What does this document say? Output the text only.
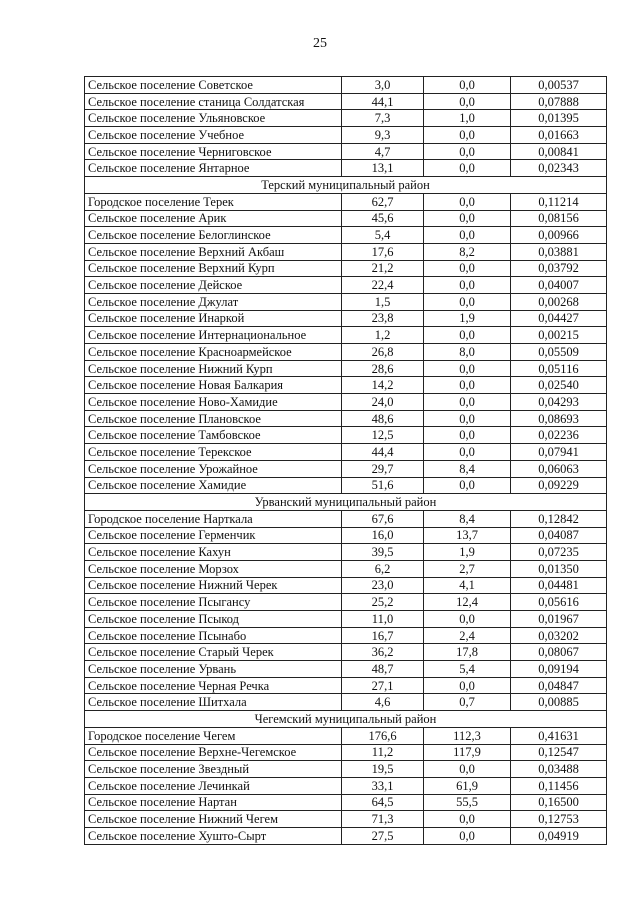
25
Сельское поселение Советское	3,0	0,0	0,00537
Сельское поселение станица Солдатская	44,1	0,0	0,07888
Сельское поселение Ульяновское	7,3	1,0	0,01395
Сельское поселение Учебное	9,3	0,0	0,01663
Сельское поселение Черниговское	4,7	0,0	0,00841
Сельское поселение Янтарное	13,1	0,0	0,02343
Терский муниципальный район			
Городское поселение Терек	62,7	0,0	0,11214
Сельское поселение Арик	45,6	0,0	0,08156
Сельское поселение Белоглинское	5,4	0,0	0,00966
Сельское поселение Верхний Акбаш	17,6	8,2	0,03881
Сельское поселение Верхний Курп	21,2	0,0	0,03792
Сельское поселение Дейское	22,4	0,0	0,04007
Сельское поселение Джулат	1,5	0,0	0,00268
Сельское поселение Инаркой	23,8	1,9	0,04427
Сельское поселение Интернациональное	1,2	0,0	0,00215
Сельское поселение Красноармейское	26,8	8,0	0,05509
Сельское поселение Нижний Курп	28,6	0,0	0,05116
Сельское поселение Новая Балкария	14,2	0,0	0,02540
Сельское поселение Ново-Хамидие	24,0	0,0	0,04293
Сельское поселение Плановское	48,6	0,0	0,08693
Сельское поселение Тамбовское	12,5	0,0	0,02236
Сельское поселение Терекское	44,4	0,0	0,07941
Сельское поселение Урожайное	29,7	8,4	0,06063
Сельское поселение Хамидие	51,6	0,0	0,09229
Урванский муниципальный район			
Городское поселение Нарткала	67,6	8,4	0,12842
Сельское поселение Герменчик	16,0	13,7	0,04087
Сельское поселение Кахун	39,5	1,9	0,07235
Сельское поселение Морзох	6,2	2,7	0,01350
Сельское поселение Нижний Черек	23,0	4,1	0,04481
Сельское поселение Псыгансу	25,2	12,4	0,05616
Сельское поселение Псыкод	11,0	0,0	0,01967
Сельское поселение Псынабо	16,7	2,4	0,03202
Сельское поселение Старый Черек	36,2	17,8	0,08067
Сельское поселение Урвань	48,7	5,4	0,09194
Сельское поселение Черная Речка	27,1	0,0	0,04847
Сельское поселение Шитхала	4,6	0,7	0,00885
Чегемский муниципальный район			
Городское поселение Чегем	176,6	112,3	0,41631
Сельское поселение Верхне-Чегемское	11,2	117,9	0,12547
Сельское поселение Звездный	19,5	0,0	0,03488
Сельское поселение Лечинкай	33,1	61,9	0,11456
Сельское поселение Нартан	64,5	55,5	0,16500
Сельское поселение Нижний Чегем	71,3	0,0	0,12753
Сельское поселение Хушто-Сырт	27,5	0,0	0,04919
